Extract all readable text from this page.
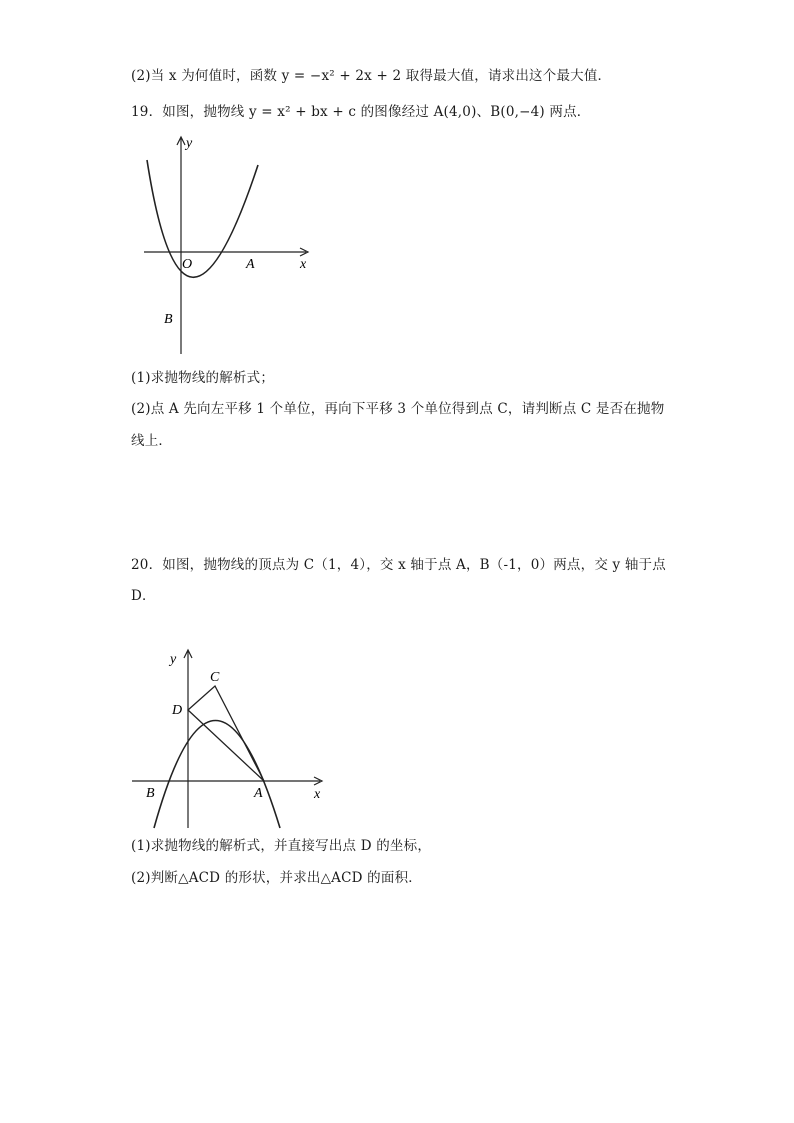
(2)当 x 为何值时，函数 y = −x² + 2x + 2 取得最大值，请求出这个最大值．
19．如图，抛物线 y = x² + bx + c 的图像经过 A(4,0)、B(0,−4) 两点．
y
x
O	A
B
(1)求抛物线的解析式；
(2)点 A 先向左平移 1 个单位，再向下平移 3 个单位得到点 C，请判断点 C 是否在抛物
线上．
20．如图，抛物线的顶点为 C（1，4），交 x 轴于点 A，B（-1，0）两点，交 y 轴于点
D．
y
x
C
D
B	A
(1)求抛物线的解析式，并直接写出点 D 的坐标，
(2)判断△ACD 的形状，并求出△ACD 的面积．
